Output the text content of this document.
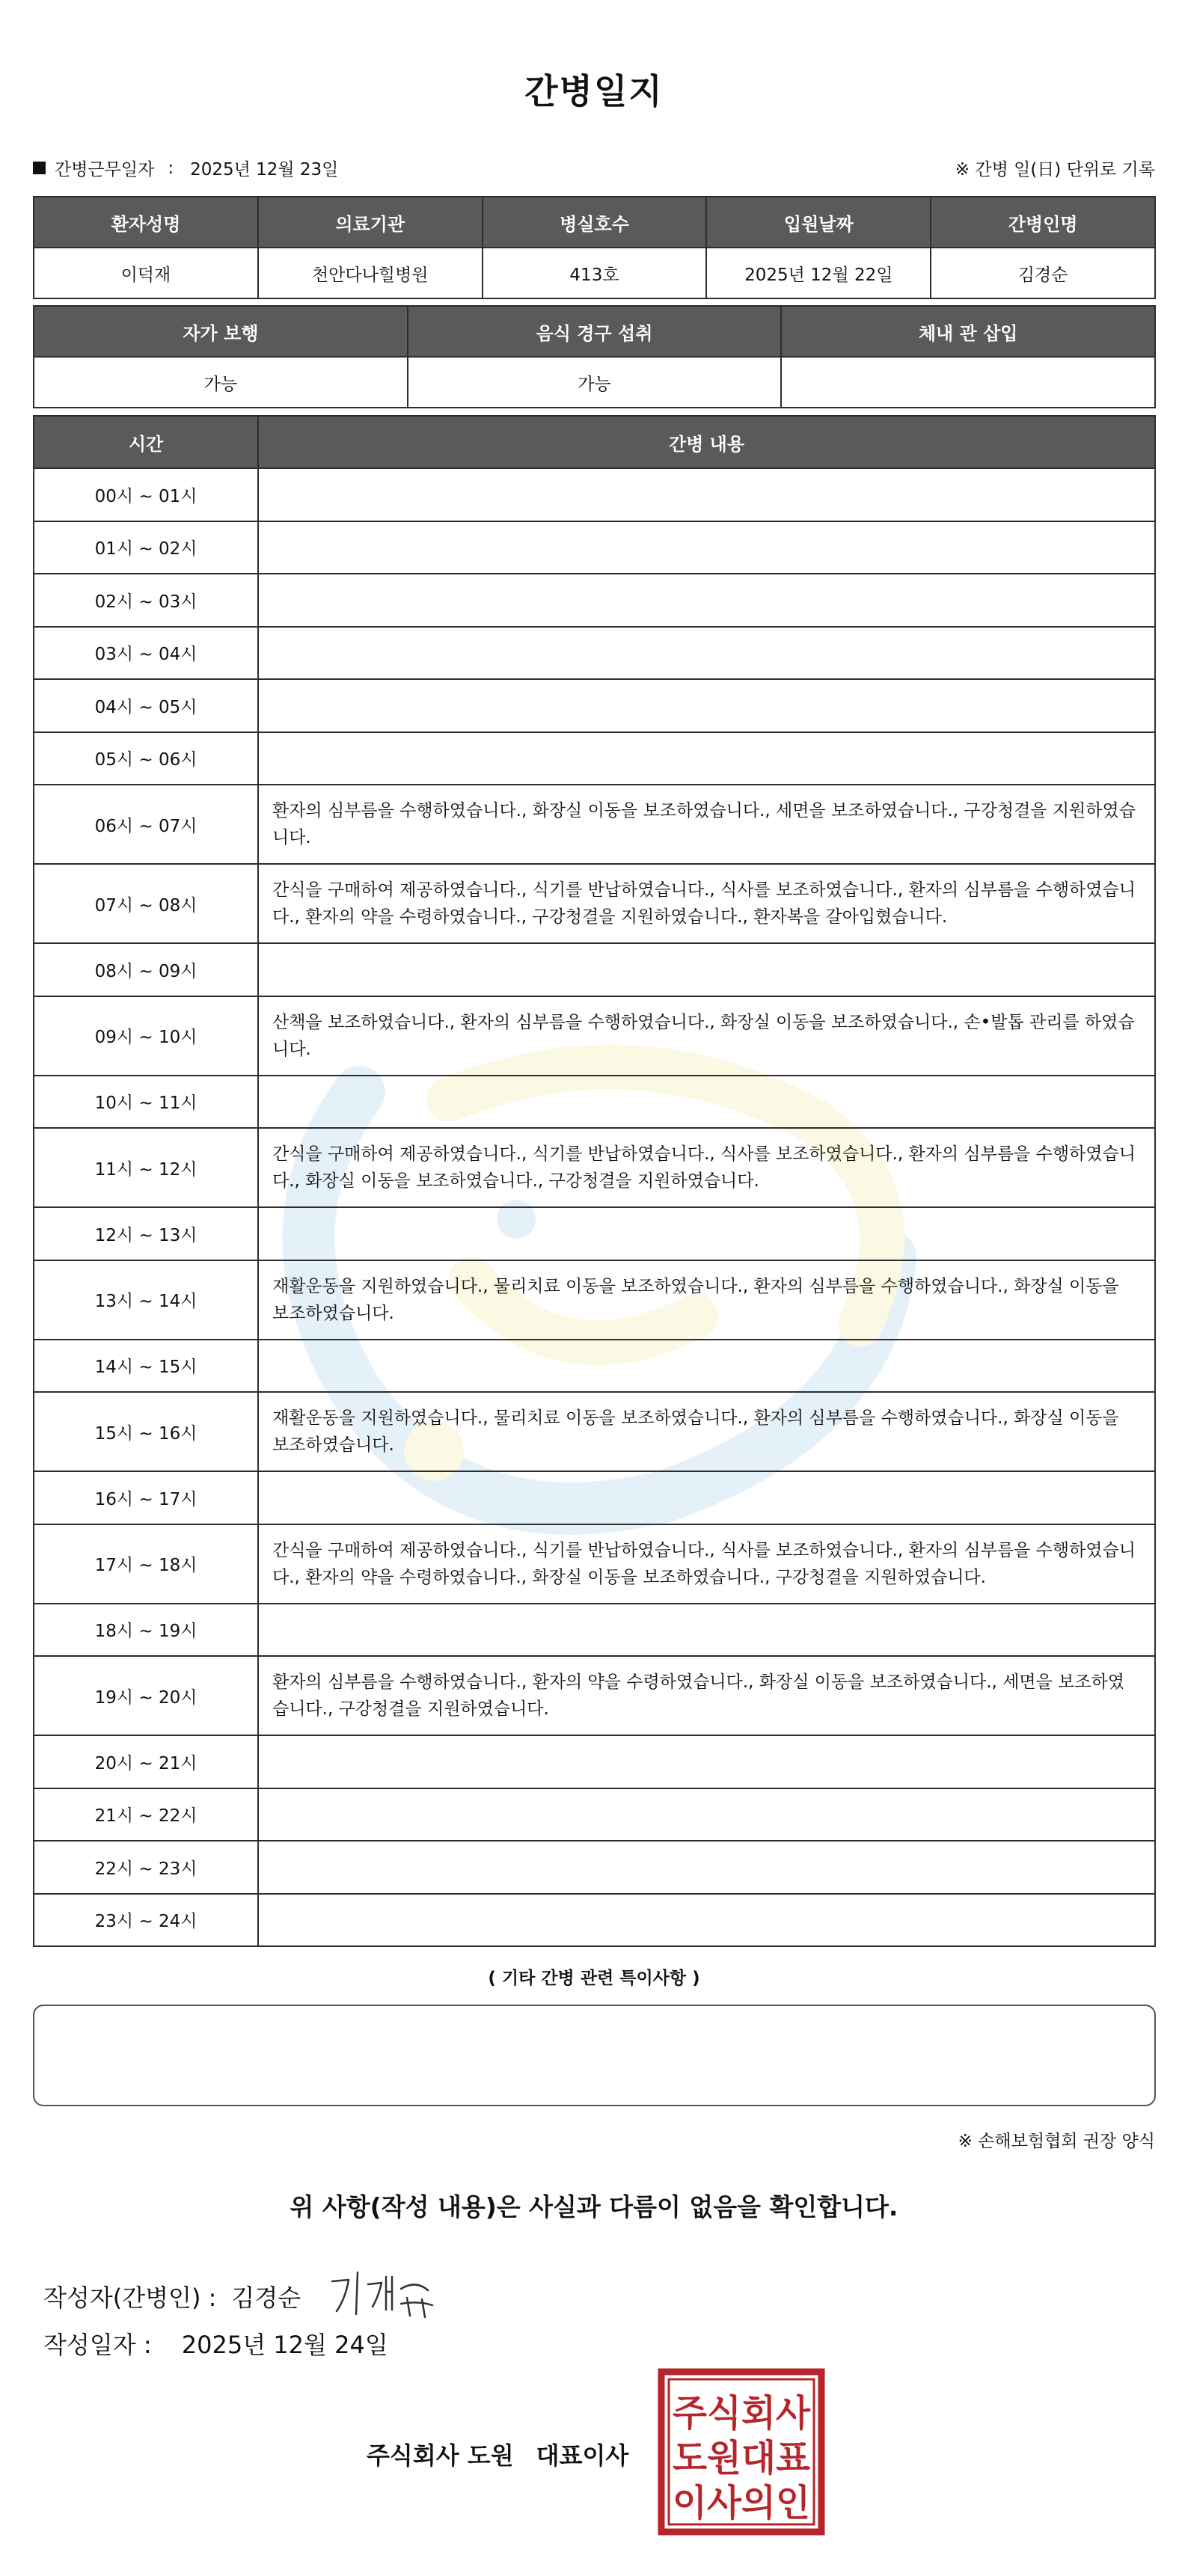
간병일지
간병근무일자 : 2025년 12월 23일	※ 간병 일(日) 단위로 기록
환자성명	의료기관	병실호수	입원날짜	간병인명
이덕재	천안다나힐병원	413호	2025년 12월 22일	김경순
자가 보행	음식 경구 섭취	체내 관 삽입
가능	가능	
시간	간병 내용
00시 ~ 01시	
01시 ~ 02시	
02시 ~ 03시	
03시 ~ 04시	
04시 ~ 05시	
05시 ~ 06시	
06시 ~ 07시	환자의 심부름을 수행하였습니다., 화장실 이동을 보조하였습니다., 세면을 보조하였습니다., 구강청결을 지원하였습니다.
07시 ~ 08시	간식을 구매하여 제공하였습니다., 식기를 반납하였습니다., 식사를 보조하였습니다., 환자의 심부름을 수행하였습니다., 환자의 약을 수령하였습니다., 구강청결을 지원하였습니다., 환자복을 갈아입혔습니다.
08시 ~ 09시	
09시 ~ 10시	산책을 보조하였습니다., 환자의 심부름을 수행하였습니다., 화장실 이동을 보조하였습니다., 손•발톱 관리를 하였습니다.
10시 ~ 11시	
11시 ~ 12시	간식을 구매하여 제공하였습니다., 식기를 반납하였습니다., 식사를 보조하였습니다., 환자의 심부름을 수행하였습니다., 화장실 이동을 보조하였습니다., 구강청결을 지원하였습니다.
12시 ~ 13시	
13시 ~ 14시	재활운동을 지원하였습니다., 물리치료 이동을 보조하였습니다., 환자의 심부름을 수행하였습니다., 화장실 이동을 보조하였습니다.
14시 ~ 15시	
15시 ~ 16시	재활운동을 지원하였습니다., 물리치료 이동을 보조하였습니다., 환자의 심부름을 수행하였습니다., 화장실 이동을 보조하였습니다.
16시 ~ 17시	
17시 ~ 18시	간식을 구매하여 제공하였습니다., 식기를 반납하였습니다., 식사를 보조하였습니다., 환자의 심부름을 수행하였습니다., 환자의 약을 수령하였습니다., 화장실 이동을 보조하였습니다., 구강청결을 지원하였습니다.
18시 ~ 19시	
19시 ~ 20시	환자의 심부름을 수행하였습니다., 환자의 약을 수령하였습니다., 화장실 이동을 보조하였습니다., 세면을 보조하였습니다., 구강청결을 지원하였습니다.
20시 ~ 21시	
21시 ~ 22시	
22시 ~ 23시	
23시 ~ 24시	
( 기타 간병 관련 특이사항 )
※ 손해보험협회 권장 양식
위 사항(작성 내용)은 사실과 다름이 없음을 확인합니다.
작성자(간병인) : 김경순
작성일자 : 2025년 12월 24일
주식회사 도원 대표이사
주식회사
도원대표
이사의인
